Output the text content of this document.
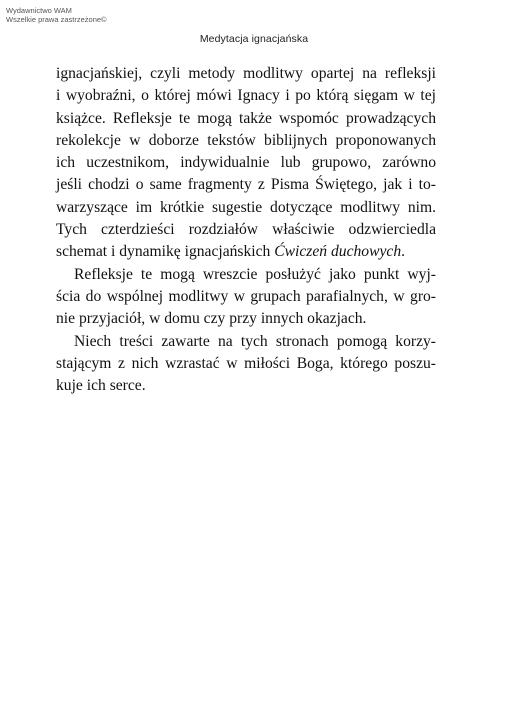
Wydawnictwo WAM
Wszelkie prawa zastrzeżone©
Medytacja ignacjańska
ignacjańskiej, czyli metody modlitwy opartej na refleksji
i wyobraźni, o której mówi Ignacy i po którą sięgam w tej
książce. Refleksje te mogą także wspomóc prowadzących
rekolekcje w doborze tekstów biblijnych proponowanych
ich uczestnikom, indywidualnie lub grupowo, zarówno
jeśli chodzi o same fragmenty z Pisma Świętego, jak i to-
warzyszące im krótkie sugestie dotyczące modlitwy nim.
Tych czterdzieści rozdziałów właściwie odzwierciedla
schemat i dynamikę ignacjańskich Ćwiczeń duchowych.
Refleksje te mogą wreszcie posłużyć jako punkt wyj-
ścia do wspólnej modlitwy w grupach parafialnych, w gro-
nie przyjaciół, w domu czy przy innych okazjach.
Niech treści zawarte na tych stronach pomogą korzy-
stającym z nich wzrastać w miłości Boga, którego poszu-
kuje ich serce.
